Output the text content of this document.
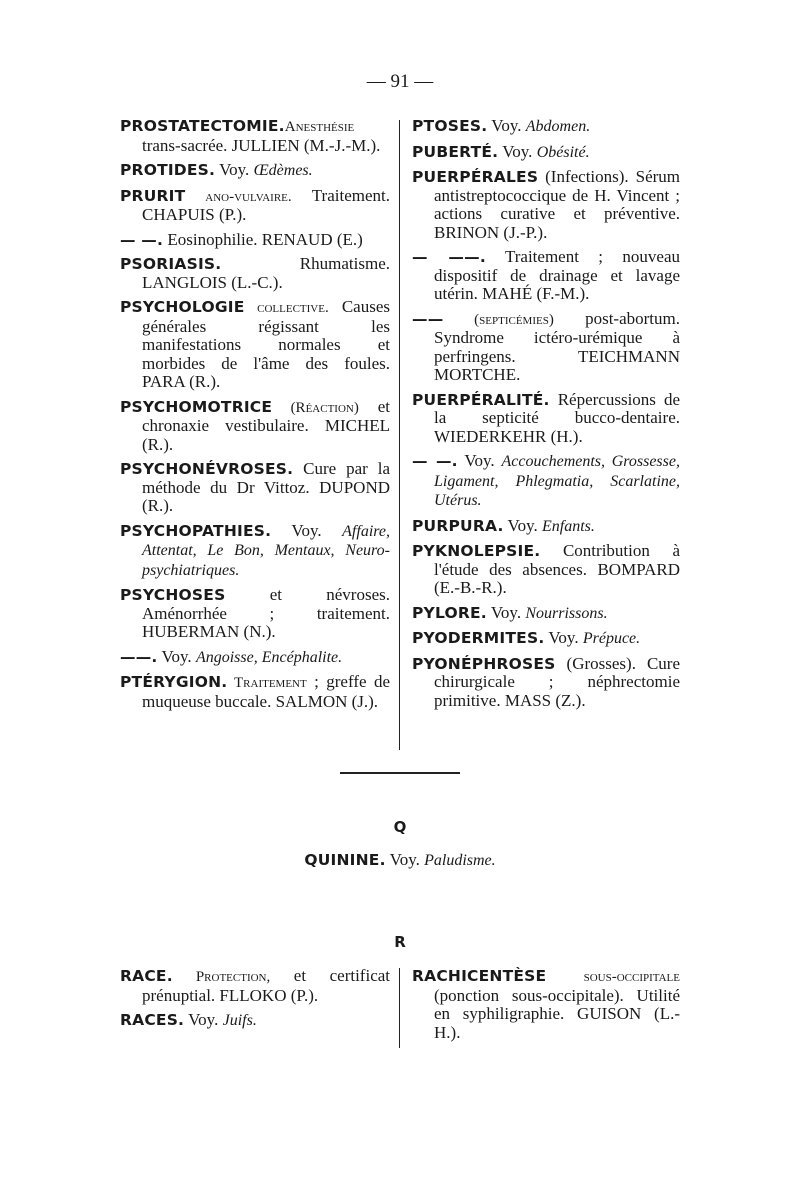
— 91 —
PROSTATECTOMIE.Anesthésie trans-sacrée. JULLIEN (M.-J.-M.).
PROTIDES. Voy. Œdèmes.
PRURIT ano-vulvaire. Traitement. CHAPUIS (P.).
— —. Eosinophilie. RENAUD (E.)
PSORIASIS. Rhumatisme. LANGLOIS (L.-C.).
PSYCHOLOGIE collective. Causes générales régissant les manifestations normales et morbides de l'âme des foules. PARA (R.).
PSYCHOMOTRICE (Réaction) et chronaxie vestibulaire. MICHEL (R.).
PSYCHONÉVROSES. Cure par la méthode du Dr Vittoz. DUPOND (R.).
PSYCHOPATHIES. Voy. Affaire, Attentat, Le Bon, Mentaux, Neuro-psychiatriques.
PSYCHOSES et névroses. Aménorrhée ; traitement. HUBERMAN (N.).
——. Voy. Angoisse, Encéphalite.
PTÉRYGION. Traitement ; greffe de muqueuse buccale. SALMON (J.).
PTOSES. Voy. Abdomen.
PUBERTÉ. Voy. Obésité.
PUERPÉRALES (Infections). Sérum antistreptococcique de H. Vincent ; actions curative et préventive. BRINON (J.-P.).
— ——. Traitement ; nouveau dispositif de drainage et lavage utérin. MAHÉ (F.-M.).
—— (septicémies) post-abortum. Syndrome ictéro-urémique à perfringens. TEICHMANN MORTCHE.
PUERPÉRALITÉ. Répercussions de la septicité bucco-dentaire. WIEDERKEHR (H.).
— —. Voy. Accouchements, Grossesse, Ligament, Phlegmatia, Scarlatine, Utérus.
PURPURA. Voy. Enfants.
PYKNOLEPSIE. Contribution à l'étude des absences. BOMPARD (E.-B.-R.).
PYLORE. Voy. Nourrissons.
PYODERMITES. Voy. Prépuce.
PYONÉPHROSES (Grosses). Cure chirurgicale ; néphrectomie primitive. MASS (Z.).
Q
QUININE. Voy. Paludisme.
R
RACE. Protection, et certificat prénuptial. FLLOKO (P.).
RACES. Voy. Juifs.
RACHICENTÈSE sous-occipitale (ponction sous-occipitale). Utilité en syphiligraphie. GUISON (L.-H.).
